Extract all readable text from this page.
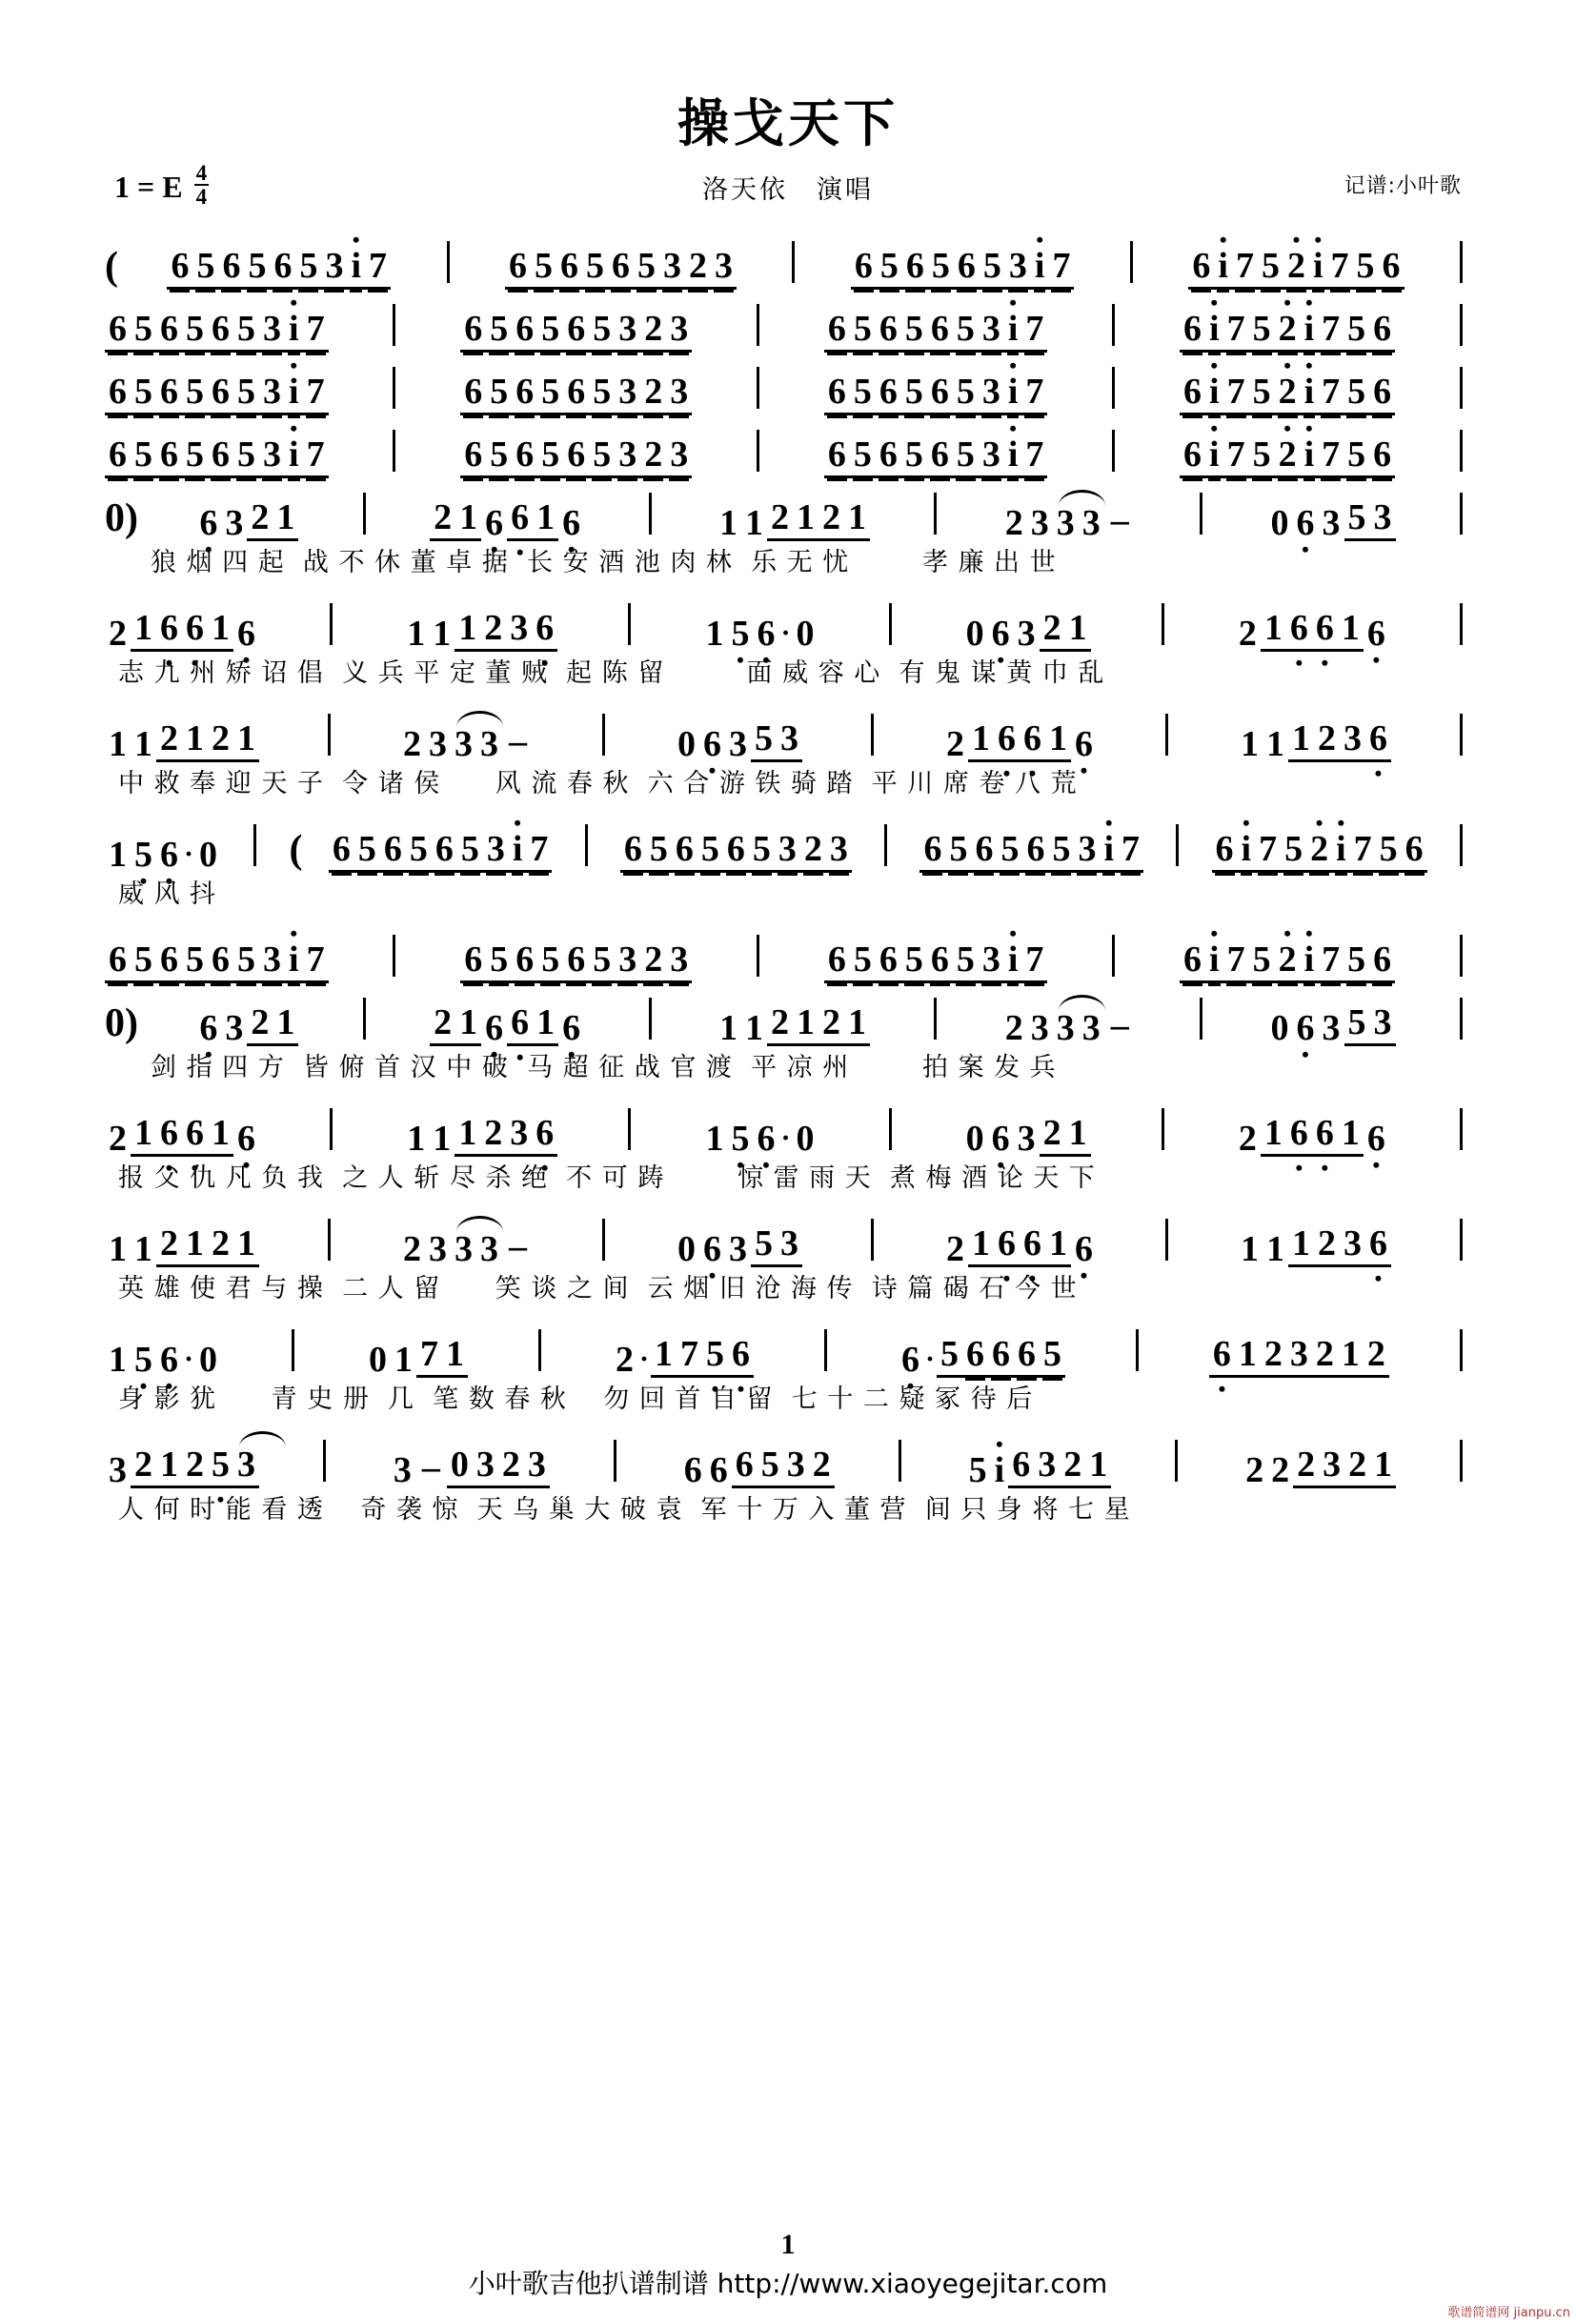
操戈天下
洛天依　演唱
1 = E $\frac{4}{4}$	记谱:小叶歌
( 6 5 6 5 6 5 3 • i 7	6 5 6 5 6 5 3 2 3	6 5 6 5 6 5 3 • i 7	6 • i 7 5 • 2 • i 7 5 6
6 5 6 5 6 5 3 • i 7	6 5 6 5 6 5 3 2 3	6 5 6 5 6 5 3 • i 7	6 • i 7 5 • 2 • i 7 5 6
6 5 6 5 6 5 3 • i 7	6 5 6 5 6 5 3 2 3	6 5 6 5 6 5 3 • i 7	6 • i 7 5 • 2 • i 7 5 6
6 5 6 5 6 5 3 • i 7	6 5 6 5 6 5 3 2 3	6 5 6 5 6 5 3 • i 7	6 • i 7 5 • 2 • i 7 5 6
0) 6 • 3 2 1	2 1 6 • 6 • 1 6 •	1 1 2 1 2 1	2 3 3 3 –	0 6 • 3 5 3
狼 烟 四 起  战 不 休 董 卓 据  长 安 酒 池 肉 林  乐 无 忧        孝 廉 出 世
2 1 6 • 6 • 1 6 •	1 1 1 2 3 6 •	1 5 • 6 • · 0	0 6 • 3 2 1	2 1 6 • 6 • 1 6 •
志 九 州 矫 诏 倡  义 兵 平 定 董 贼  起 陈 留         面 威 容 心  有 鬼 谋 黄 巾 乱
1 1 2 1 2 1	2 3 3 3 –	0 6 • 3 5 3	2 1 6 • 6 • 1 6 •	1 1 1 2 3 6 •
中 救 奉 迎 天 子  令 诸 侯      风 流 春 秋  六 合 游 铁 骑 踏  平 川 席 卷 八 荒
1 5 • 6 • · 0 ( 6 5 6 5 6 5 3 • i 7 6 5 6 5 6 5 3 2 3 6 5 6 5 6 5 3 • i 7 6 • i 7 5 • 2 • i 7 5 6
威 风 抖
6 5 6 5 6 5 3 • i 7	6 5 6 5 6 5 3 2 3	6 5 6 5 6 5 3 • i 7	6 • i 7 5 • 2 • i 7 5 6
0) 6 • 3 2 1	2 1 6 • 6 • 1 6 •	1 1 2 1 2 1	2 3 3 3 –	0 6 • 3 5 3
剑 指 四 方  皆 俯 首 汉 中 破  马 超 征 战 官 渡  平 凉 州        拍 案 发 兵
2 1 6 • 6 • 1 6 •	1 1 1 2 3 6 •	1 5 • 6 • · 0	0 6 • 3 2 1	2 1 6 • 6 • 1 6 •
报 父 仇 凡 负 我  之 人 斩 尽 杀 绝  不 可 踌        惊 雷 雨 天  煮 梅 酒 论 天 下
1 1 2 1 2 1	2 3 3 3 –	0 6 • 3 5 3	2 1 6 • 6 • 1 6 •	1 1 1 2 3 6 •
英 雄 使 君 与 操  二 人 留      笑 谈 之 间  云 烟 旧 沧 海 传  诗 篇 碣 石 今 世
1 5 • 6 • · 0	0 1 7 1	2 · 1 7 5 • 6 •	6 • · 5 6 6 6 5	6 • 1 2 3 2 1 2
身 影 犹      青 史 册  几  笔 数 春 秋    勿 回 首 自 留  七 十 二 疑 冢 待 后
3 2 1 2 5 • 3	3 – 0 3 2 3	6 6 6 5 3 2	5 • i 6 3 2 1	2 2 2 3 2 1
人 何 时 能 看 透    奇 袭 惊  天 乌 巢 大 破 袁  军 十 万 入 董 营  间 只 身 将 七 星
1
小叶歌吉他扒谱制谱 http://www.xiaoyegejitar.com
歌谱简谱网 jianpu.cn
